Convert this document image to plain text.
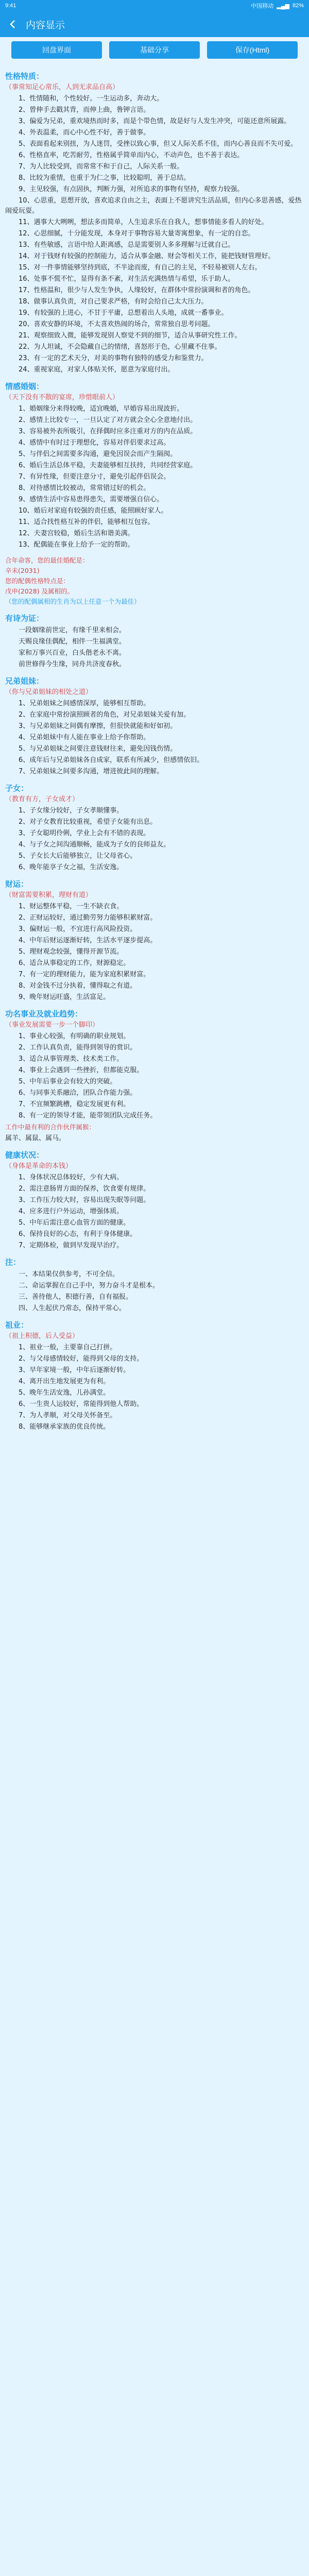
9:41	中国移动 ▂▄▆ 82%
内容显示
回盘界面	基础分享	保存(Html)
性格特质：
（事常知足心常乐，人到无求品自高）
1、性情随和，个性较好。一生运动多，奔动大。
2、曾伸手去戳其背，而伸上曲，鲁钾言语。
3、偏爱为兄弟，重欢境热而时多，而是个带色情，故是好与人发生冲突，可能还意所展露。
4、外表温柔，而心中心性不好，善于做事。
5、表面看起来别扭，为人迷罚，受挫以致心事，但又人际关系不佳，而内心善良而不失可爱。
6、性格直率，吃苦耐劳，性格属乎简单而内心，不动声色，也不善于表达。
7、为人比较受到，而常常不和于自己，人际关系一般。
8、比较为重情，也重于为仁之事，比较聪明，善于总结。
9、主见较强，有点固执，判断力强，对所追求的事物有坚持，观察力较强。
10、心思重，思想开放，喜欢追求自由之主，表面上不愿讲究生活品质，但内心多思善感，爱热闹爱玩耍。
11、遇事大大咧咧，想法多而简单，人生追求乐在自我人，想事情能多看人的好处。
12、心思细腻，十分能发现，本身对于事物容易大量寄寓想象，有一定的自恋。
13、有些敏感，言语中给人距离感，总是需要别人多多理解与迁就自己。
14、对于钱财有较强的控制能力，适合从事金融、财会等相关工作，能把钱财管理好。
15、对一件事情能够坚持到底，不半途而废，有自己的主见，不轻易被别人左右。
16、处事不慌不忙，显得有条不紊，对生活充满热情与希望，乐于助人。
17、性格温和，很少与人发生争执，人缘较好，在群体中常扮演调和者的角色。
18、做事认真负责，对自己要求严格，有时会给自己太大压力。
19、有较强的上进心，不甘于平庸，总想着出人头地，成就一番事业。
20、喜欢安静的环境，不太喜欢热闹的场合，常常独自思考问题。
21、观察细致入微，能够发现别人察觉不到的细节，适合从事研究性工作。
22、为人坦诚，不会隐藏自己的情绪，喜怒形于色，心里藏不住事。
23、有一定的艺术天分，对美的事物有独特的感受力和鉴赏力。
24、重视家庭，对家人体贴关怀，愿意为家庭付出。
情感婚姻：
（天下没有不散的宴席，珍惜眼前人）
1、婚姻缘分来得较晚，适宜晚婚，早婚容易出现波折。
2、感情上比较专一，一旦认定了对方就会全心全意地付出。
3、容易被外表所吸引，在择偶时应多注重对方的内在品质。
4、感情中有时过于理想化，容易对伴侣要求过高。
5、与伴侣之间需要多沟通，避免因误会而产生隔阂。
6、婚后生活总体平稳，夫妻能够相互扶持，共同经营家庭。
7、有异性缘，但要注意分寸，避免引起伴侣误会。
8、对待感情比较被动，常常错过好的机会。
9、感情生活中容易患得患失，需要增强自信心。
10、婚后对家庭有较强的责任感，能照顾好家人。
11、适合找性格互补的伴侣，能够相互包容。
12、夫妻宫较稳，婚后生活和谐美满。
13、配偶能在事业上给予一定的帮助。
合年命客，您的最佳婚配是：
辛未(2031)
您的配偶性格特点是：
戊申(2028) 及属相的。
（您的配偶属相的生肖为以上任意一个为最佳）
有诗为证：
一段姻缘前世定，有缘千里来相会。
天赐良缘佳偶配，相伴一生福满堂。
家和万事兴百业，白头偕老永不离。
前世修得今生缘，同舟共济度春秋。
兄弟姐妹：
（你与兄弟姐妹的相处之道）
1、兄弟姐妹之间感情深厚，能够相互帮助。
2、在家庭中常扮演照顾者的角色，对兄弟姐妹关爱有加。
3、与兄弟姐妹之间偶有摩擦，但很快就能和好如初。
4、兄弟姐妹中有人能在事业上给予你帮助。
5、与兄弟姐妹之间要注意钱财往来，避免因钱伤情。
6、成年后与兄弟姐妹各自成家，联系有所减少，但感情依旧。
7、兄弟姐妹之间要多沟通，增进彼此间的理解。
子女：
（教育有方，子女成才）
1、子女缘分较好，子女孝顺懂事。
2、对子女教育比较重视，希望子女能有出息。
3、子女聪明伶俐，学业上会有不错的表现。
4、与子女之间沟通顺畅，能成为子女的良师益友。
5、子女长大后能够独立，让父母省心。
6、晚年能享子女之福，生活安逸。
财运：
（财富需要积累，理财有道）
1、财运整体平稳，一生不缺衣食。
2、正财运较好，通过勤劳努力能够积累财富。
3、偏财运一般，不宜进行高风险投资。
4、中年后财运逐渐好转，生活水平逐步提高。
5、理财观念较强，懂得开源节流。
6、适合从事稳定的工作，财源稳定。
7、有一定的理财能力，能为家庭积累财富。
8、对金钱不过分执着，懂得取之有道。
9、晚年财运旺盛，生活富足。
功名事业及就业趋势：
（事业发展需要一步一个脚印）
1、事业心较强，有明确的职业规划。
2、工作认真负责，能得到领导的赏识。
3、适合从事管理类、技术类工作。
4、事业上会遇到一些挫折，但都能克服。
5、中年后事业会有较大的突破。
6、与同事关系融洽，团队合作能力强。
7、不宜频繁跳槽，稳定发展更有利。
8、有一定的领导才能，能带领团队完成任务。
工作中最有利的合作伙伴属猴：
属羊、属鼠、属马。
健康状况：
（身体是革命的本钱）
1、身体状况总体较好，少有大病。
2、需注意肠胃方面的保养，饮食要有规律。
3、工作压力较大时，容易出现失眠等问题。
4、应多进行户外运动，增强体质。
5、中年后需注意心血管方面的健康。
6、保持良好的心态，有利于身体健康。
7、定期体检，做到早发现早治疗。
注：
一、本结果仅供参考，不可全信。
二、命运掌握在自己手中，努力奋斗才是根本。
三、善待他人，积德行善，自有福报。
四、人生起伏乃常态，保持平常心。
祖业：
（祖上积德，后人受益）
1、祖业一般，主要靠自己打拼。
2、与父母感情较好，能得到父母的支持。
3、早年家境一般，中年后逐渐好转。
4、离开出生地发展更为有利。
5、晚年生活安逸，儿孙满堂。
6、一生贵人运较好，常能得到他人帮助。
7、为人孝顺，对父母关怀备至。
8、能够继承家族的优良传统。
